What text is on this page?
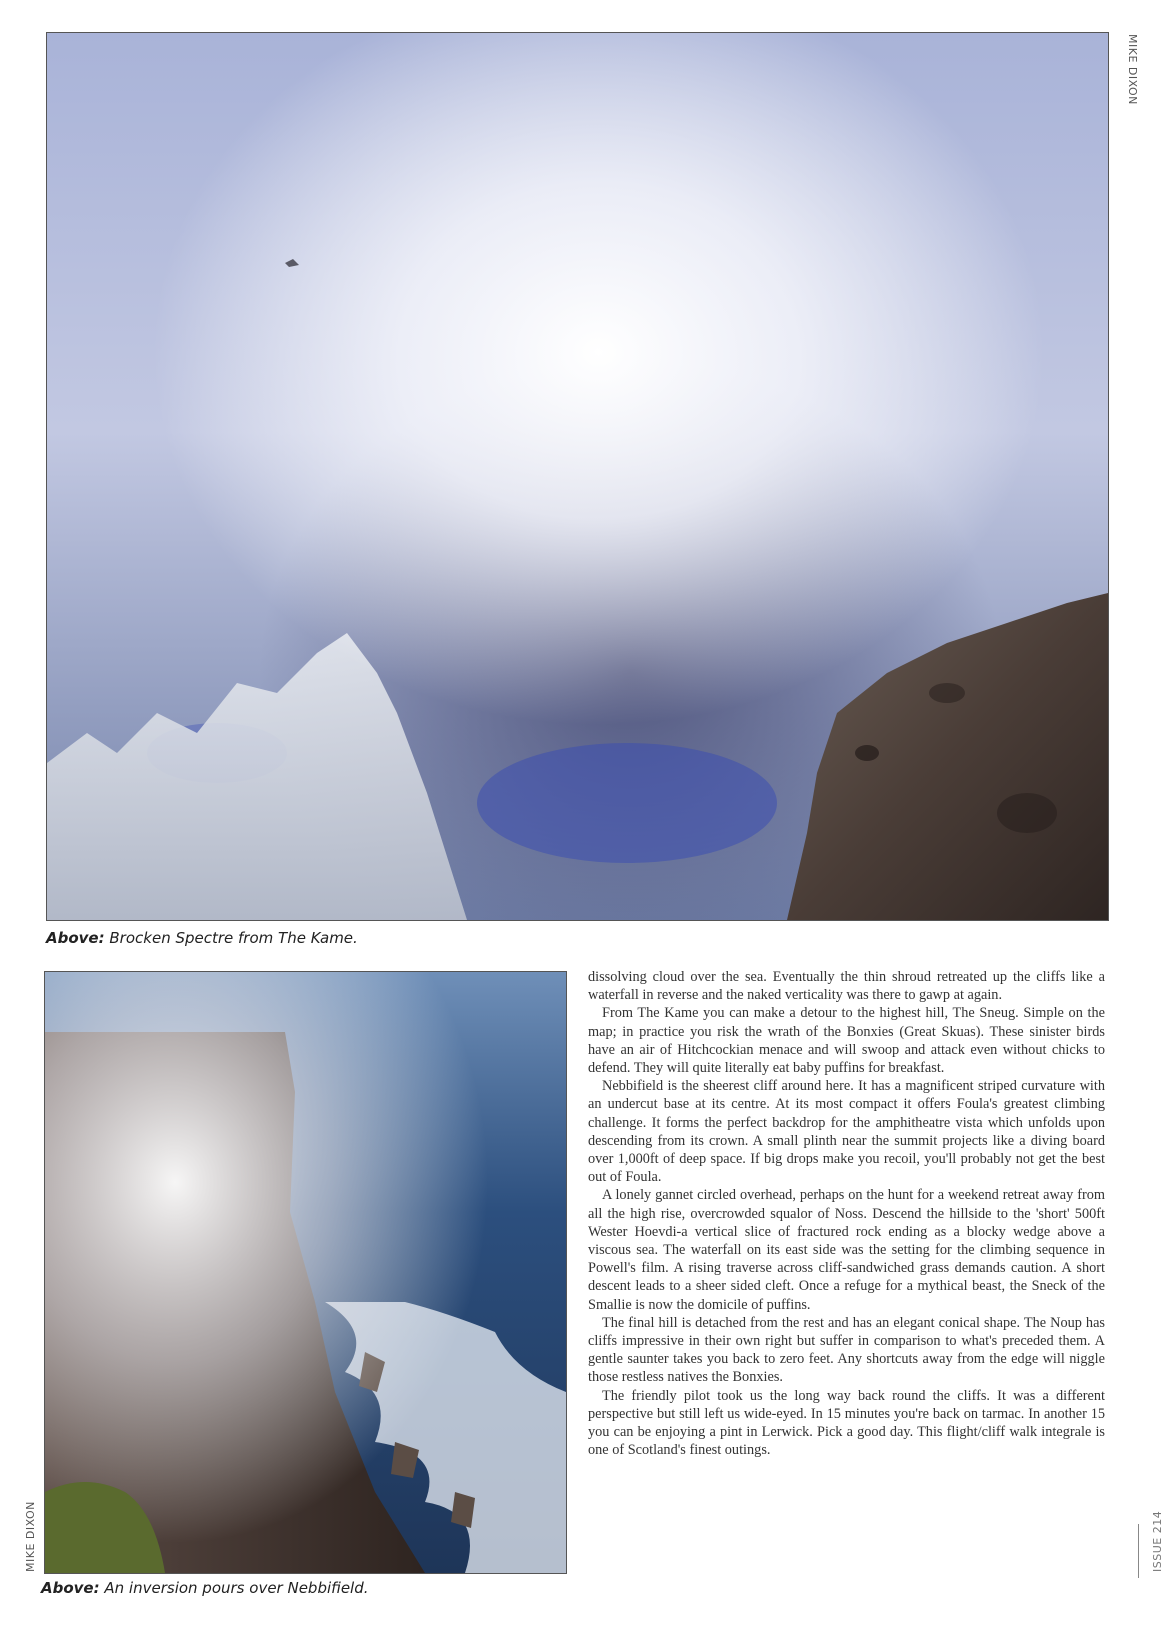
Above: Brocken Spectre from The Kame.
MIKE DIXON
Above: An inversion pours over Nebbifield.
MIKE DIXON

dissolving cloud over the sea. Eventually the thin shroud retreated up the cliffs like a waterfall in reverse and the naked verticality was there to gawp at again.

From The Kame you can make a detour to the highest hill, The Sneug. Simple on the map; in practice you risk the wrath of the Bonxies (Great Skuas). These sinister birds have an air of Hitchcockian menace and will swoop and attack even without chicks to defend. They will quite literally eat baby puffins for breakfast.

Nebbifield is the sheerest cliff around here. It has a magnificent striped curvature with an undercut base at its centre. At its most compact it offers Foula's greatest climbing challenge. It forms the perfect backdrop for the amphitheatre vista which unfolds upon descending from its crown. A small plinth near the summit projects like a diving board over 1,000ft of deep space. If big drops make you recoil, you'll probably not get the best out of Foula.

A lonely gannet circled overhead, perhaps on the hunt for a weekend retreat away from all the high rise, overcrowded squalor of Noss. Descend the hillside to the 'short' 500ft Wester Hoevdi-a vertical slice of fractured rock ending as a blocky wedge above a viscous sea. The waterfall on its east side was the setting for the climbing sequence in Powell's film. A rising traverse across cliff-sandwiched grass demands caution. A short descent leads to a sheer sided cleft. Once a refuge for a mythical beast, the Sneck of the Smallie is now the domicile of puffins.

The final hill is detached from the rest and has an elegant conical shape. The Noup has cliffs impressive in their own right but suffer in comparison to what's preceded them. A gentle saunter takes you back to zero feet. Any shortcuts away from the edge will niggle those restless natives the Bonxies.

The friendly pilot took us the long way back round the cliffs. It was a different perspective but still left us wide-eyed. In 15 minutes you're back on tarmac. In another 15 you can be enjoying a pint in Lerwick. Pick a good day. This flight/cliff walk integrale is one of Scotland's finest outings.

ISSUE 214
